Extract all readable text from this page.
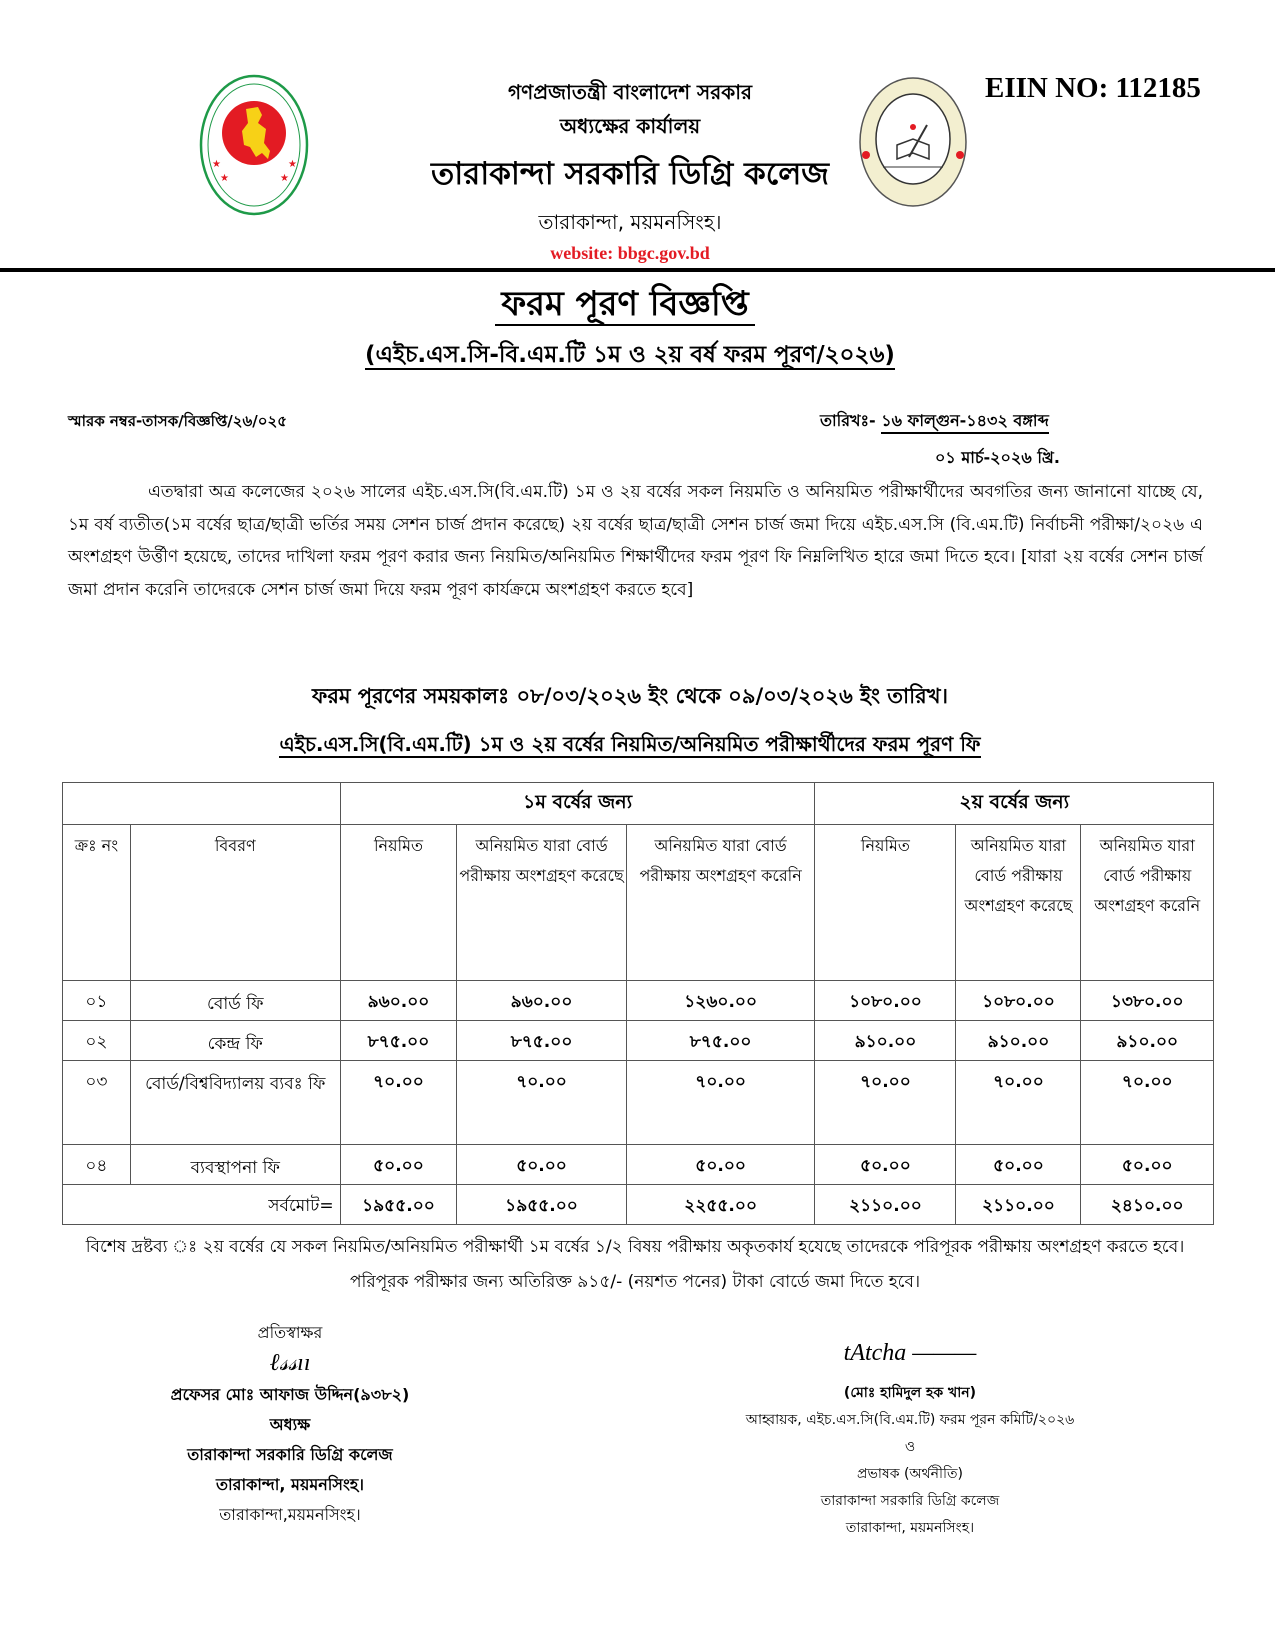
★	★
★	★
EIIN NO: 112185
গণপ্রজাতন্ত্রী বাংলাদেশ সরকার
অধ্যক্ষের কার্যালয়
তারাকান্দা সরকারি ডিগ্রি কলেজ
তারাকান্দা, ময়মনসিংহ।
website: bbgc.gov.bd
ফরম পূরণ বিজ্ঞপ্তি
(এইচ.এস.সি-বি.এম.টি ১ম ও ২য় বর্ষ ফরম পূরণ/২০২৬)
স্মারক নম্বর-তাসক/বিজ্ঞপ্তি/২৬/০২৫	তারিখঃ- ১৬ ফাল্গুন-১৪৩২ বঙ্গাব্দ
০১ মার্চ-২০২৬ খ্রি.
এতদ্বারা অত্র কলেজের ২০২৬ সালের এইচ.এস.সি(বি.এম.টি) ১ম ও ২য় বর্ষের সকল নিয়মতি ও অনিয়মিত পরীক্ষার্থীদের অবগতির জন্য জানানো যাচ্ছে যে, ১ম বর্ষ ব্যতীত(১ম বর্ষের ছাত্র/ছাত্রী ভর্তির সময় সেশন চার্জ প্রদান করেছে) ২য় বর্ষের ছাত্র/ছাত্রী সেশন চার্জ জমা দিয়ে এইচ.এস.সি (বি.এম.টি) নির্বাচনী পরীক্ষা/২০২৬ এ অংশগ্রহণ উর্ত্তীণ হয়েছে, তাদের দাখিলা ফরম পূরণ করার জন্য নিয়মিত/অনিয়মিত শিক্ষার্থীদের ফরম পূরণ ফি নিম্নলিখিত হারে জমা দিতে হবে। [যারা ২য় বর্ষের সেশন চার্জ জমা প্রদান করেনি তাদেরকে সেশন চার্জ জমা দিয়ে ফরম পূরণ কার্যক্রমে অংশগ্রহণ করতে হবে]
ফরম পূরণের সময়কালঃ ০৮/০৩/২০২৬ ইং থেকে ০৯/০৩/২০২৬ ইং তারিখ।
এইচ.এস.সি(বি.এম.টি) ১ম ও ২য় বর্ষের নিয়মিত/অনিয়মিত পরীক্ষার্থীদের ফরম পূরণ ফি
		১ম বর্ষের জন্য			২য় বর্ষের জন্য		
ক্রঃ নং	বিবরণ	নিয়মিত	অনিয়মিত যারা বোর্ড পরীক্ষায় অংশগ্রহণ করেছে	অনিয়মিত যারা বোর্ড পরীক্ষায় অংশগ্রহণ করেনি	নিয়মিত	অনিয়মিত যারা বোর্ড পরীক্ষায় অংশগ্রহণ করেছে	অনিয়মিত যারা বোর্ড পরীক্ষায় অংশগ্রহণ করেনি
০১	বোর্ড ফি	৯৬০.০০	৯৬০.০০	১২৬০.০০	১০৮০.০০	১০৮০.০০	১৩৮০.০০
০২	কেন্দ্র ফি	৮৭৫.০০	৮৭৫.০০	৮৭৫.০০	৯১০.০০	৯১০.০০	৯১০.০০
০৩	বোর্ড/বিশ্ববিদ্যালয় ব্যবঃ ফি	৭০.০০	৭০.০০	৭০.০০	৭০.০০	৭০.০০	৭০.০০
০৪	ব্যবস্থাপনা ফি	৫০.০০	৫০.০০	৫০.০০	৫০.০০	৫০.০০	৫০.০০
সর্বমোট=		১৯৫৫.০০	১৯৫৫.০০	২২৫৫.০০	২১১০.০০	২১১০.০০	২৪১০.০০
বিশেষ দ্রষ্টব্য ঃ ২য় বর্ষের যে সকল নিয়মিত/অনিয়মিত পরীক্ষার্থী ১ম বর্ষের ১/২ বিষয় পরীক্ষায় অকৃতকার্য হযেছে তাদেরকে পরিপূরক পরীক্ষায় অংশগ্রহণ করতে হবে। পরিপূরক পরীক্ষার জন্য অতিরিক্ত ৯১৫/- (নয়শত পনের) টাকা বোর্ডে জমা দিতে হবে।
প্রতিস্বাক্ষর
ℓ𝓈𝓈ıı
প্রফেসর মোঃ আফাজ উদ্দিন(৯৩৮২)
অধ্যক্ষ
তারাকান্দা সরকারি ডিগ্রি কলেজ
তারাকান্দা, ময়মনসিংহ।
তারাকান্দা,ময়মনসিংহ।
tAtcha ———
(মোঃ হামিদুল হক খান)
আহ্বায়ক, এইচ.এস.সি(বি.এম.টি) ফরম পূরন কমিটি/২০২৬
ও
প্রভাষক (অর্থনীতি)
তারাকান্দা সরকারি ডিগ্রি কলেজ
তারাকান্দা, ময়মনসিংহ।
